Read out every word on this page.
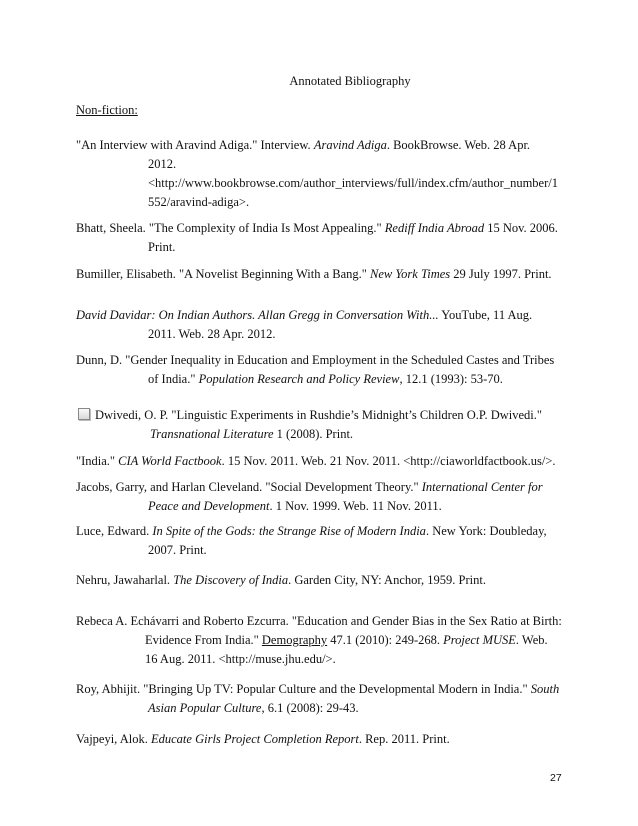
Annotated Bibliography
Non-fiction:
"An Interview with Aravind Adiga." Interview. Aravind Adiga. BookBrowse. Web. 28 Apr.
2012.
<http://www.bookbrowse.com/author_interviews/full/index.cfm/author_number/1
552/aravind-adiga>.
Bhatt, Sheela. "The Complexity of India Is Most Appealing." Rediff India Abroad 15 Nov. 2006.
Print.
Bumiller, Elisabeth. "A Novelist Beginning With a Bang." New York Times 29 July 1997. Print.
David Davidar: On Indian Authors. Allan Gregg in Conversation With... YouTube, 11 Aug.
2011. Web. 28 Apr. 2012.
Dunn, D. "Gender Inequality in Education and Employment in the Scheduled Castes and Tribes
of India." Population Research and Policy Review, 12.1 (1993): 53-70.
Dwivedi, O. P. "Linguistic Experiments in Rushdie’s Midnight’s Children O.P. Dwivedi."
Transnational Literature 1 (2008). Print.
"India." CIA World Factbook. 15 Nov. 2011. Web. 21 Nov. 2011. <http://ciaworldfactbook.us/>.
Jacobs, Garry, and Harlan Cleveland. "Social Development Theory." International Center for
Peace and Development. 1 Nov. 1999. Web. 11 Nov. 2011.
Luce, Edward. In Spite of the Gods: the Strange Rise of Modern India. New York: Doubleday,
2007. Print.
Nehru, Jawaharlal. The Discovery of India. Garden City, NY: Anchor, 1959. Print.
Rebeca A. Echávarri and Roberto Ezcurra. "Education and Gender Bias in the Sex Ratio at Birth:
Evidence From India." Demography 47.1 (2010): 249-268. Project MUSE. Web.
16 Aug. 2011. <http://muse.jhu.edu/>.
Roy, Abhijit. "Bringing Up TV: Popular Culture and the Developmental Modern in India." South
Asian Popular Culture, 6.1 (2008): 29-43.
Vajpeyi, Alok. Educate Girls Project Completion Report. Rep. 2011. Print.
27
